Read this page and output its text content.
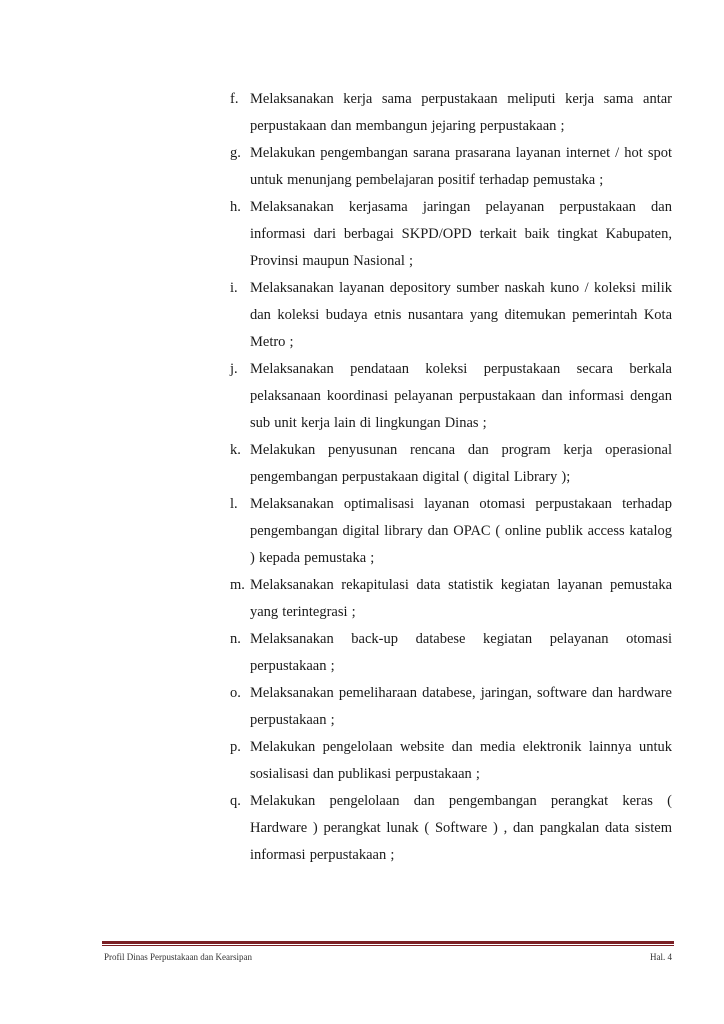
f. Melaksanakan kerja sama perpustakaan meliputi kerja sama antar perpustakaan dan membangun jejaring perpustakaan ;
g. Melakukan pengembangan sarana prasarana layanan internet / hot spot untuk menunjang pembelajaran positif terhadap pemustaka ;
h. Melaksanakan kerjasama jaringan pelayanan perpustakaan dan informasi dari berbagai SKPD/OPD terkait baik tingkat Kabupaten, Provinsi maupun Nasional ;
i. Melaksanakan layanan depository sumber naskah kuno / koleksi milik dan koleksi budaya etnis nusantara yang ditemukan pemerintah Kota Metro ;
j. Melaksanakan pendataan koleksi perpustakaan secara berkala pelaksanaan koordinasi pelayanan perpustakaan dan informasi dengan sub unit kerja lain di lingkungan Dinas ;
k. Melakukan penyusunan rencana dan program kerja operasional pengembangan perpustakaan digital ( digital Library );
l. Melaksanakan optimalisasi layanan otomasi perpustakaan terhadap pengembangan digital library dan OPAC ( online publik access katalog ) kepada pemustaka ;
m. Melaksanakan rekapitulasi data statistik kegiatan layanan pemustaka yang terintegrasi ;
n. Melaksanakan back-up databese kegiatan pelayanan otomasi perpustakaan ;
o. Melaksanakan pemeliharaan databese, jaringan, software dan hardware perpustakaan ;
p. Melakukan pengelolaan website dan media elektronik lainnya untuk sosialisasi dan publikasi perpustakaan ;
q. Melakukan pengelolaan dan pengembangan perangkat keras ( Hardware ) perangkat lunak ( Software ) , dan pangkalan data sistem informasi perpustakaan ;
Profil Dinas Perpustakaan dan Kearsipan	Hal. 4
